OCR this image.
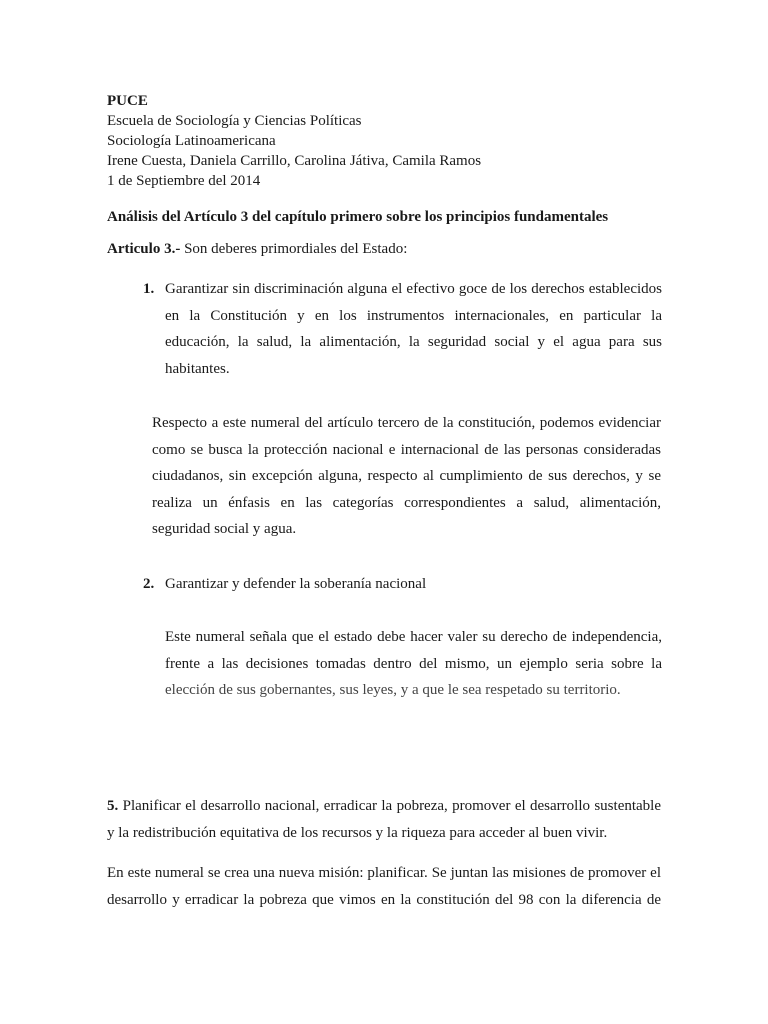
PUCE
Escuela de Sociología y Ciencias Políticas
Sociología Latinoamericana
Irene Cuesta, Daniela Carrillo, Carolina Játiva, Camila Ramos
1 de Septiembre del 2014
Análisis del Artículo 3 del capítulo primero sobre los principios fundamentales
Articulo 3.- Son deberes primordiales del Estado:
1. Garantizar sin discriminación alguna el efectivo goce de los derechos establecidos
en la Constitución y en los instrumentos internacionales, en particular la
educación, la salud, la alimentación, la seguridad social y el agua para sus
habitantes.
Respecto a este numeral del artículo tercero de la constitución, podemos evidenciar
como se busca la protección nacional e internacional de las personas consideradas
ciudadanos, sin excepción alguna, respecto al cumplimiento de sus derechos, y se
realiza un énfasis en las categorías correspondientes a salud, alimentación,
seguridad social y agua.
2. Garantizar y defender la soberanía nacional
Este numeral señala que el estado debe hacer valer su derecho de independencia,
frente a las decisiones tomadas dentro del mismo, un ejemplo seria sobre la
elección de sus gobernantes, sus leyes, y a que le sea respetado su territorio.
5. Planificar el desarrollo nacional, erradicar la pobreza, promover el desarrollo sustentable
y la redistribución equitativa de los recursos y la riqueza para acceder al buen vivir.
En este numeral se crea una nueva misión: planificar. Se juntan las misiones de promover el
desarrollo y erradicar la pobreza que vimos en la constitución del 98 con la diferencia de
